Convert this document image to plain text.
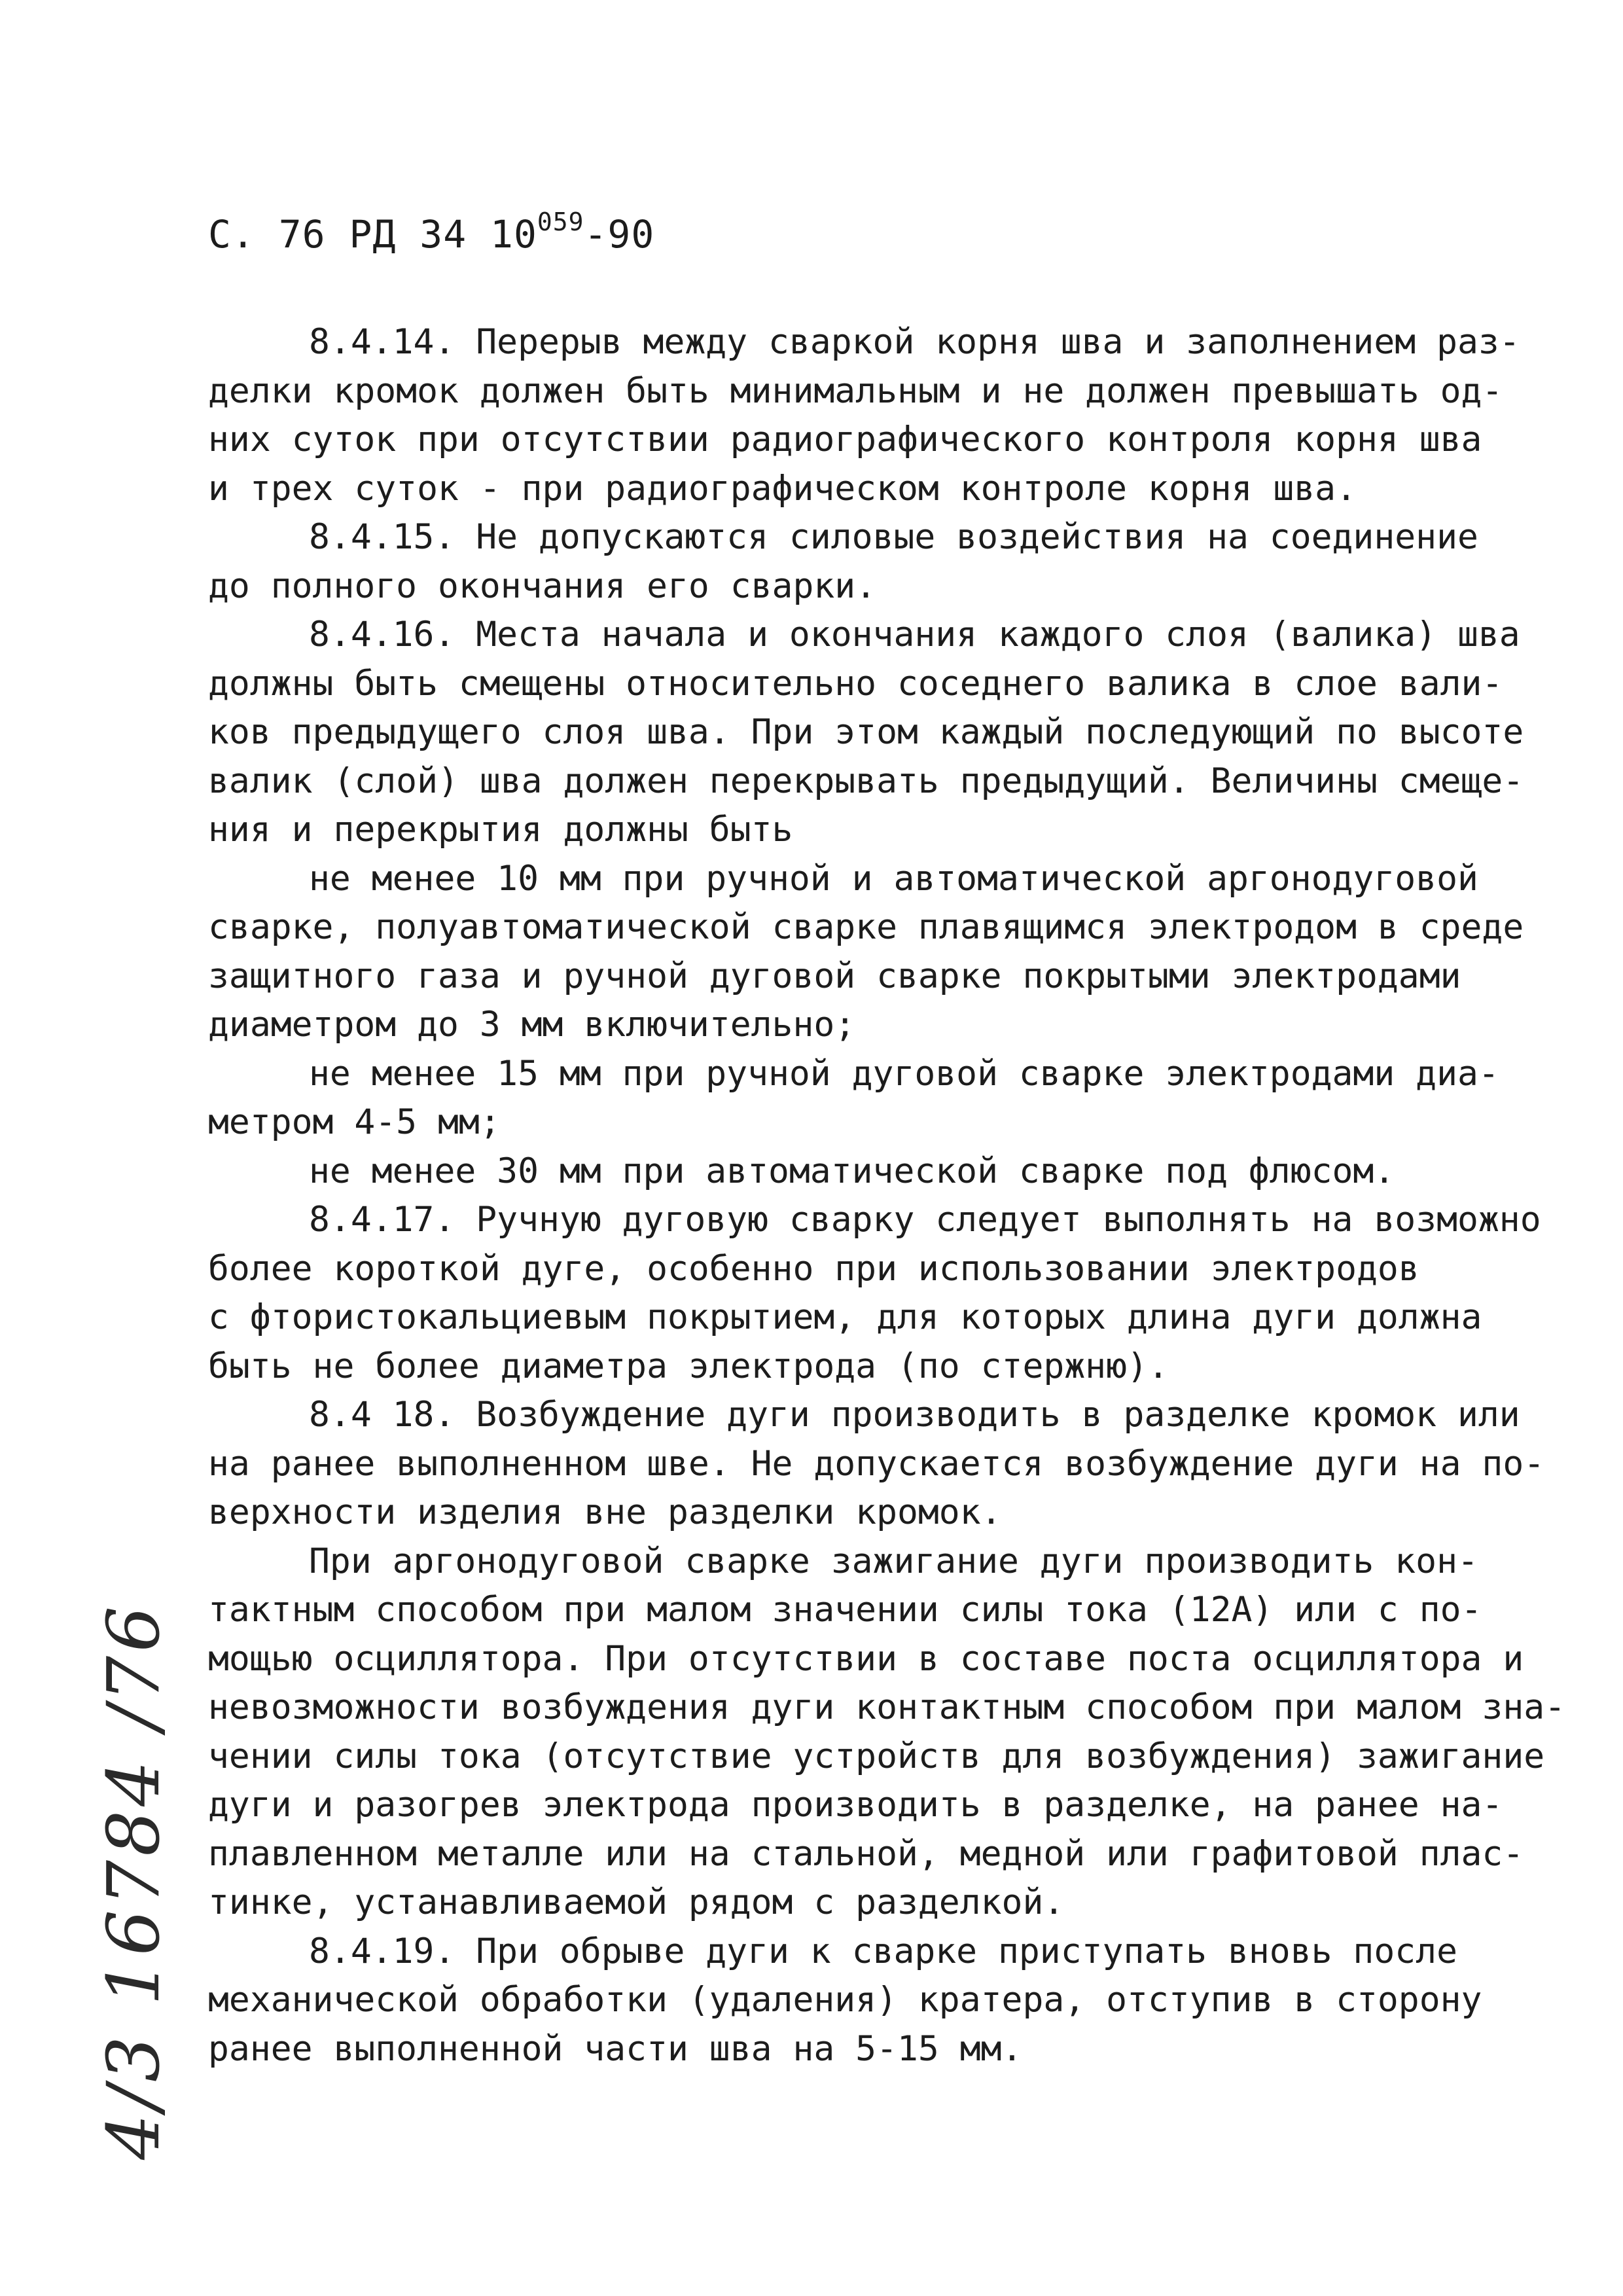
С. 76 РД 34 $10^{059}-90$
8.4.14. Перерыв между сваркой корня шва и заполнением раз-
делки кромок должен быть минимальным и не должен превышать од-
них суток при отсутствии радиографического контроля корня шва
и трех суток - при радиографическом контроле корня шва.
8.4.15. Не допускаются силовые воздействия на соединение
до полного окончания его сварки.
8.4.16. Места начала и окончания каждого слоя (валика) шва
должны быть смещены относительно соседнего валика в слое вали-
ков предыдущего слоя шва. При этом каждый последующий по высоте
валик (слой) шва должен перекрывать предыдущий. Величины смеще-
ния и перекрытия должны быть
не менее 10 мм при ручной и автоматической аргонодуговой
сварке, полуавтоматической сварке плавящимся электродом в среде
защитного газа и ручной дуговой сварке покрытыми электродами
диаметром до 3 мм включительно;
не менее 15 мм при ручной дуговой сварке электродами диа-
метром 4-5 мм;
не менее 30 мм при автоматической сварке под флюсом.
8.4.17. Ручную дуговую сварку следует выполнять на возможно
более короткой дуге, особенно при использовании электродов
с фтористокальциевым покрытием, для которых длина дуги должна
быть не более диаметра электрода (по стержню).
8.4 18. Возбуждение дуги производить в разделке кромок или
на ранее выполненном шве. Не допускается возбуждение дуги на по-
верхности изделия вне разделки кромок.
При аргонодуговой сварке зажигание дуги производить кон-
тактным способом при малом значении силы тока (12А) или с по-
мощью осциллятора. При отсутствии в составе поста осциллятора и
невозможности возбуждения дуги контактным способом при малом зна-
чении силы тока (отсутствие устройств для возбуждения) зажигание
дуги и разогрев электрода производить в разделке, на ранее на-
плавленном металле или на стальной, медной или графитовой плас-
тинке, устанавливаемой рядом с разделкой.
8.4.19. При обрыве дуги к сварке приступать вновь после
механической обработки (удаления) кратера, отступив в сторону
ранее выполненной части шва на 5-15 мм.
4/3 16784 /76
